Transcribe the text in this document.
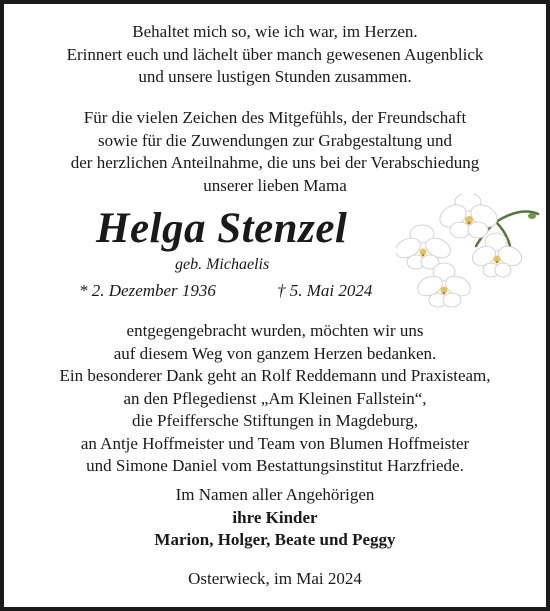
Behaltet mich so, wie ich war, im Herzen.
Erinnert euch und lächelt über manch gewesenen Augenblick
und unsere lustigen Stunden zusammen.
Für die vielen Zeichen des Mitgefühls, der Freundschaft
sowie für die Zuwendungen zur Grabgestaltung und
der herzlichen Anteilnahme, die uns bei der Verabschiedung
unserer lieben Mama
Helga Stenzel
geb. Michaelis
* 2. Dezember 1936	† 5. Mai 2024
entgegengebracht wurden, möchten wir uns
auf diesem Weg von ganzem Herzen bedanken.
Ein besonderer Dank geht an Rolf Reddemann und Praxisteam,
an den Pflegedienst „Am Kleinen Fallstein“,
die Pfeiffersche Stiftungen in Magdeburg,
an Antje Hoffmeister und Team von Blumen Hoffmeister
und Simone Daniel vom Bestattungsinstitut Harzfriede.
Im Namen aller Angehörigen
ihre Kinder
Marion, Holger, Beate und Peggy
Osterwieck, im Mai 2024
